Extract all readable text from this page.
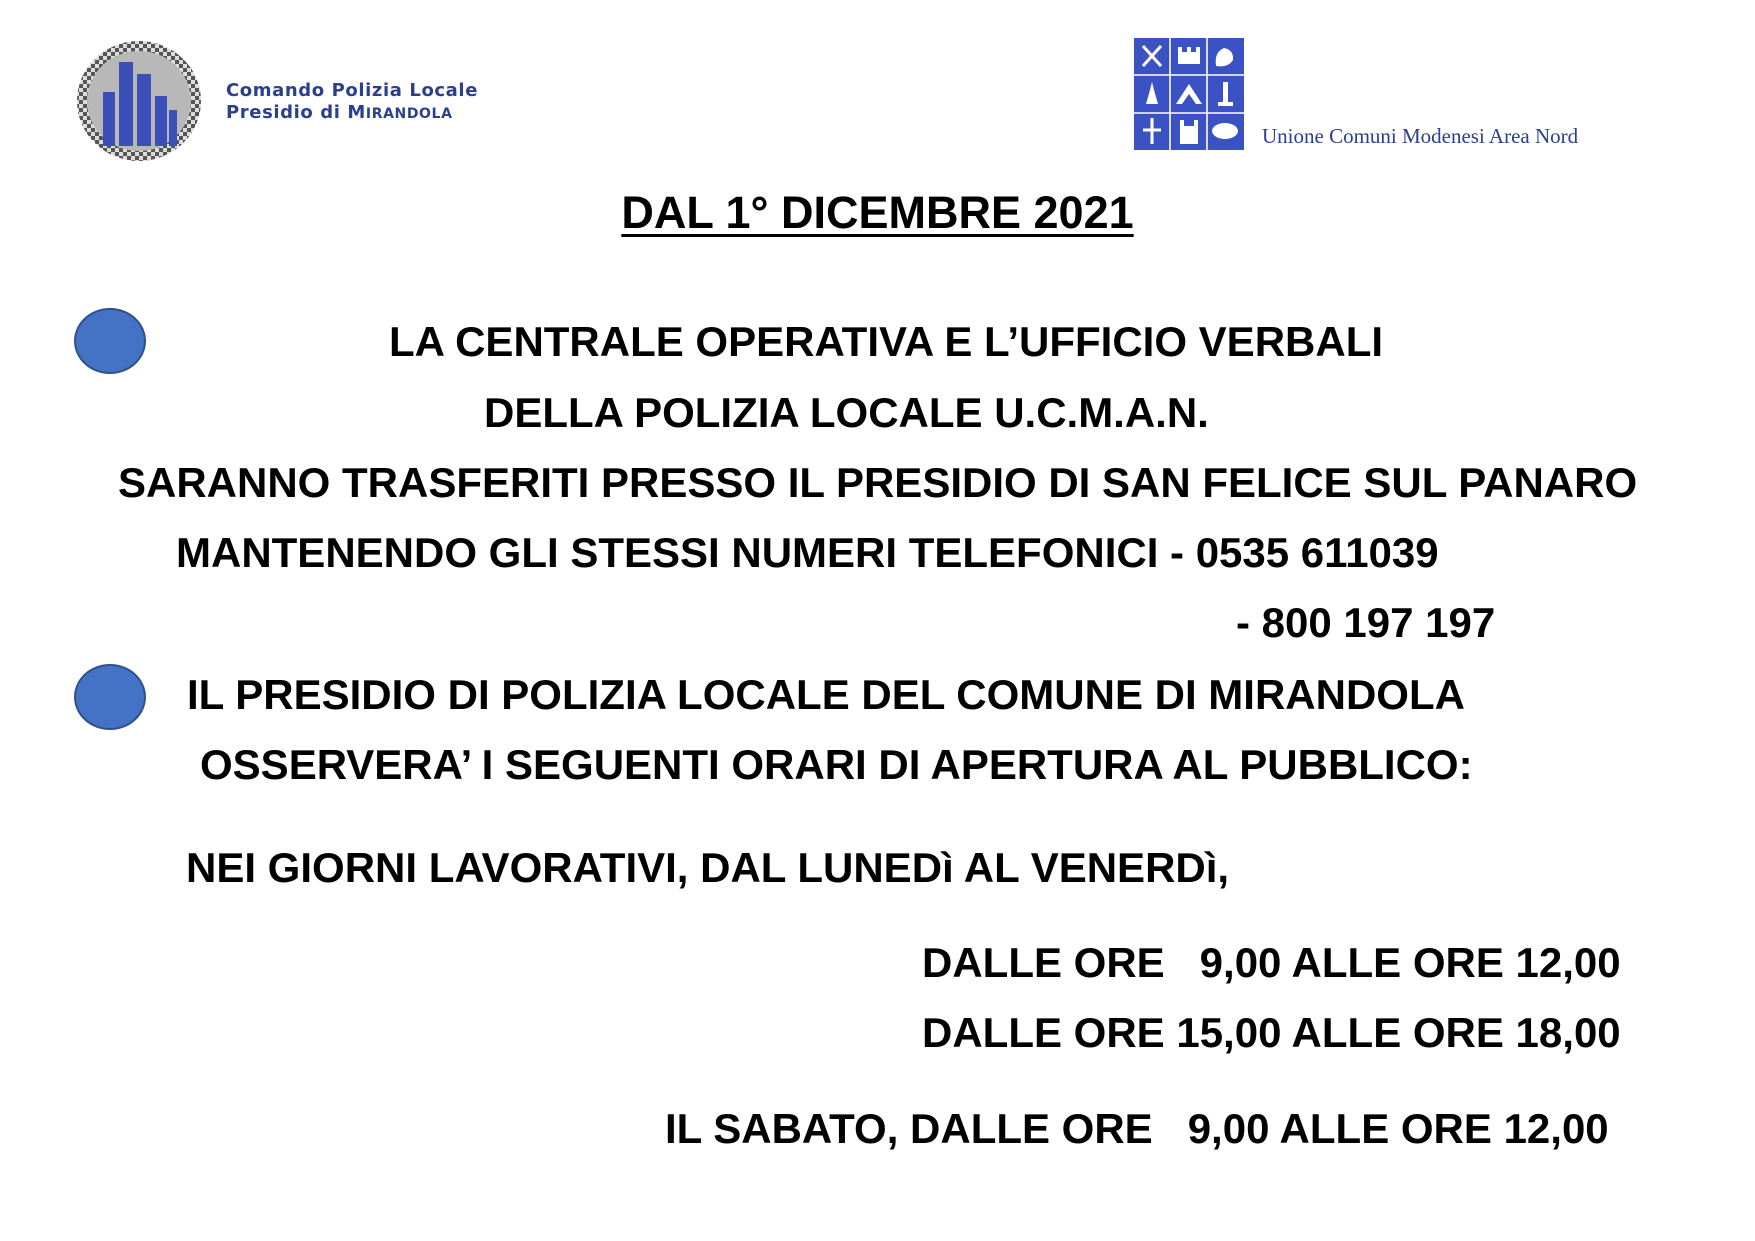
Comando Polizia Locale
Presidio di MIRANDOLA
Unione Comuni Modenesi Area Nord
DAL 1° DICEMBRE 2021
LA CENTRALE OPERATIVA E L’UFFICIO VERBALI
DELLA POLIZIA LOCALE U.C.M.A.N.
SARANNO TRASFERITI PRESSO IL PRESIDIO DI SAN FELICE SUL PANARO
MANTENENDO GLI STESSI NUMERI TELEFONICI - 0535 611039
- 800 197 197
IL PRESIDIO DI POLIZIA LOCALE DEL COMUNE DI MIRANDOLA
OSSERVERA’ I SEGUENTI ORARI DI APERTURA AL PUBBLICO:
NEI GIORNI LAVORATIVI, DAL LUNEDì AL VENERDì,
DALLE ORE   9,00 ALLE ORE 12,00
DALLE ORE 15,00 ALLE ORE 18,00
IL SABATO, DALLE ORE   9,00 ALLE ORE 12,00
